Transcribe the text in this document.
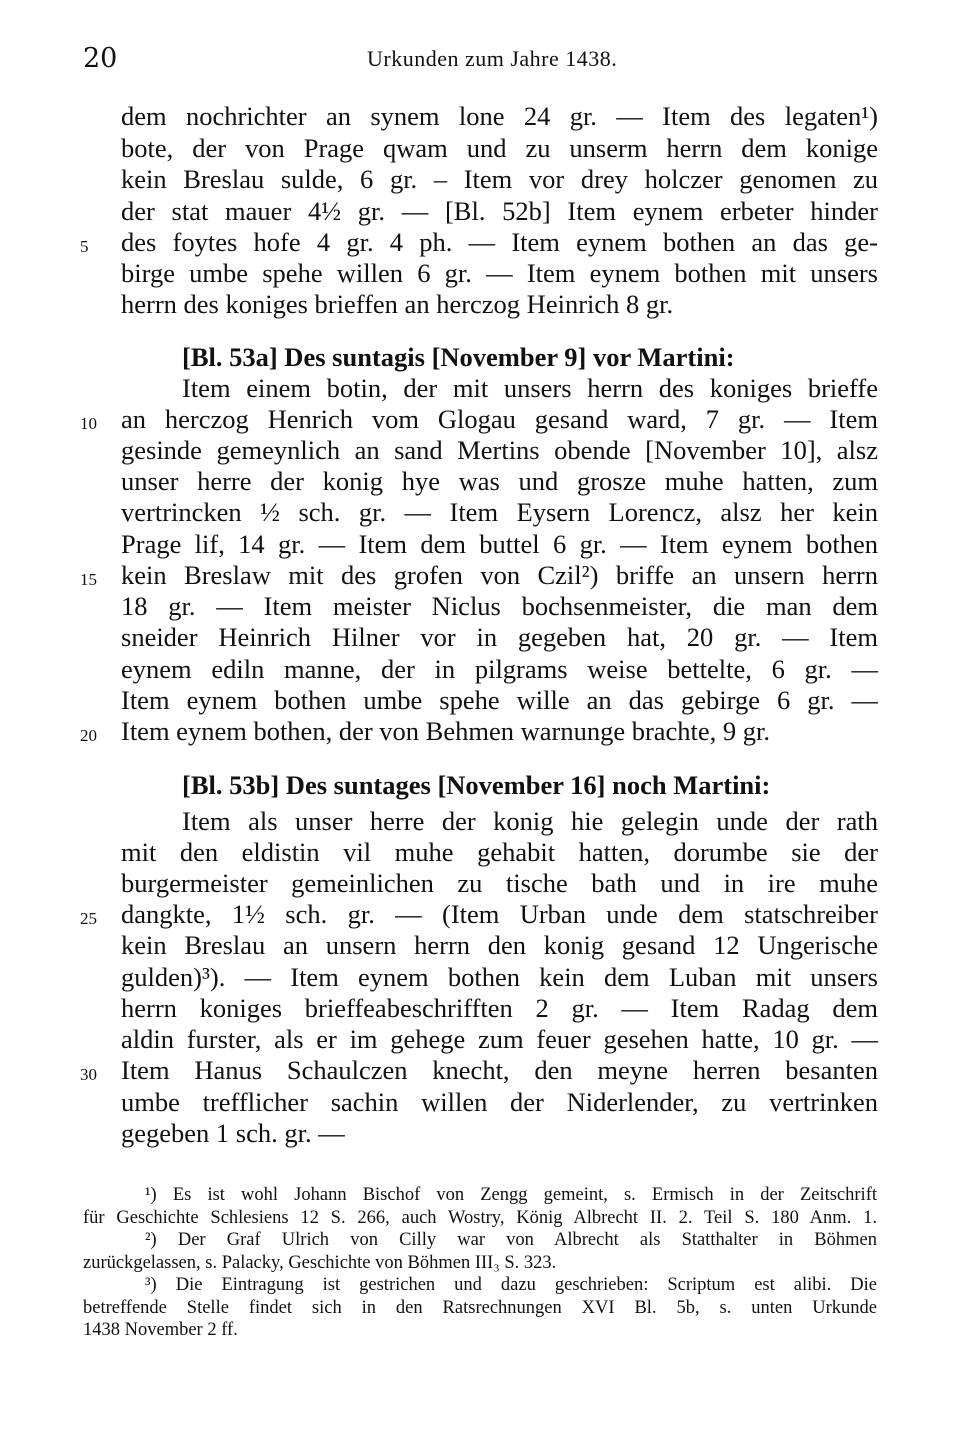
20	Urkunden zum Jahre 1438.
dem nochrichter an synem lone 24 gr. — Item des legaten¹)
bote, der von Prage qwam und zu unserm herrn dem konige
kein Breslau sulde, 6 gr. – Item vor drey holczer genomen zu
der stat mauer 4½ gr. — [Bl. 52b] Item eynem erbeter hinder
des foytes hofe 4 gr. 4 ph. — Item eynem bothen an das ge-
birge umbe spehe willen 6 gr. — Item eynem bothen mit unsers
herrn des koniges brieffen an herczog Heinrich 8 gr.
[Bl. 53a] Des suntagis [November 9] vor Martini:
Item einem botin, der mit unsers herrn des koniges brieffe
an herczog Henrich vom Glogau gesand ward, 7 gr. — Item
gesinde gemeynlich an sand Mertins obende [November 10], alsz
unser herre der konig hye was und grosze muhe hatten, zum
vertrincken ½ sch. gr. — Item Eysern Lorencz, alsz her kein
Prage lif, 14 gr. — Item dem buttel 6 gr. — Item eynem bothen
kein Breslaw mit des grofen von Czil²) briffe an unsern herrn
18 gr. — Item meister Niclus bochsenmeister, die man dem
sneider Heinrich Hilner vor in gegeben hat, 20 gr. — Item
eynem ediln manne, der in pilgrams weise bettelte, 6 gr. —
Item eynem bothen umbe spehe wille an das gebirge 6 gr. —
Item eynem bothen, der von Behmen warnunge brachte, 9 gr.
[Bl. 53b] Des suntages [November 16] noch Martini:
Item als unser herre der konig hie gelegin unde der rath
mit den eldistin vil muhe gehabit hatten, dorumbe sie der
burgermeister gemeinlichen zu tische bath und in ire muhe
dangkte, 1½ sch. gr. — (Item Urban unde dem statschreiber
kein Breslau an unsern herrn den konig gesand 12 Ungerische
gulden)³). — Item eynem bothen kein dem Luban mit unsers
herrn koniges brieffeabeschrifften 2 gr. — Item Radag dem
aldin furster, als er im gehege zum feuer gesehen hatte, 10 gr. —
Item Hanus Schaulczen knecht, den meyne herren besanten
umbe trefflicher sachin willen der Niderlender, zu vertrinken
gegeben 1 sch. gr. —
5
10
15
20
25
30
¹) Es ist wohl Johann Bischof von Zengg gemeint, s. Ermisch in der Zeitschrift
für Geschichte Schlesiens 12 S. 266, auch Wostry, König Albrecht II. 2. Teil S. 180 Anm. 1.
²) Der Graf Ulrich von Cilly war von Albrecht als Statthalter in Böhmen
zurückgelassen, s. Palacky, Geschichte von Böhmen III₃ S. 323.
³) Die Eintragung ist gestrichen und dazu geschrieben: Scriptum est alibi. Die
betreffende Stelle findet sich in den Ratsrechnungen XVI Bl. 5b, s. unten Urkunde
1438 November 2 ff.
